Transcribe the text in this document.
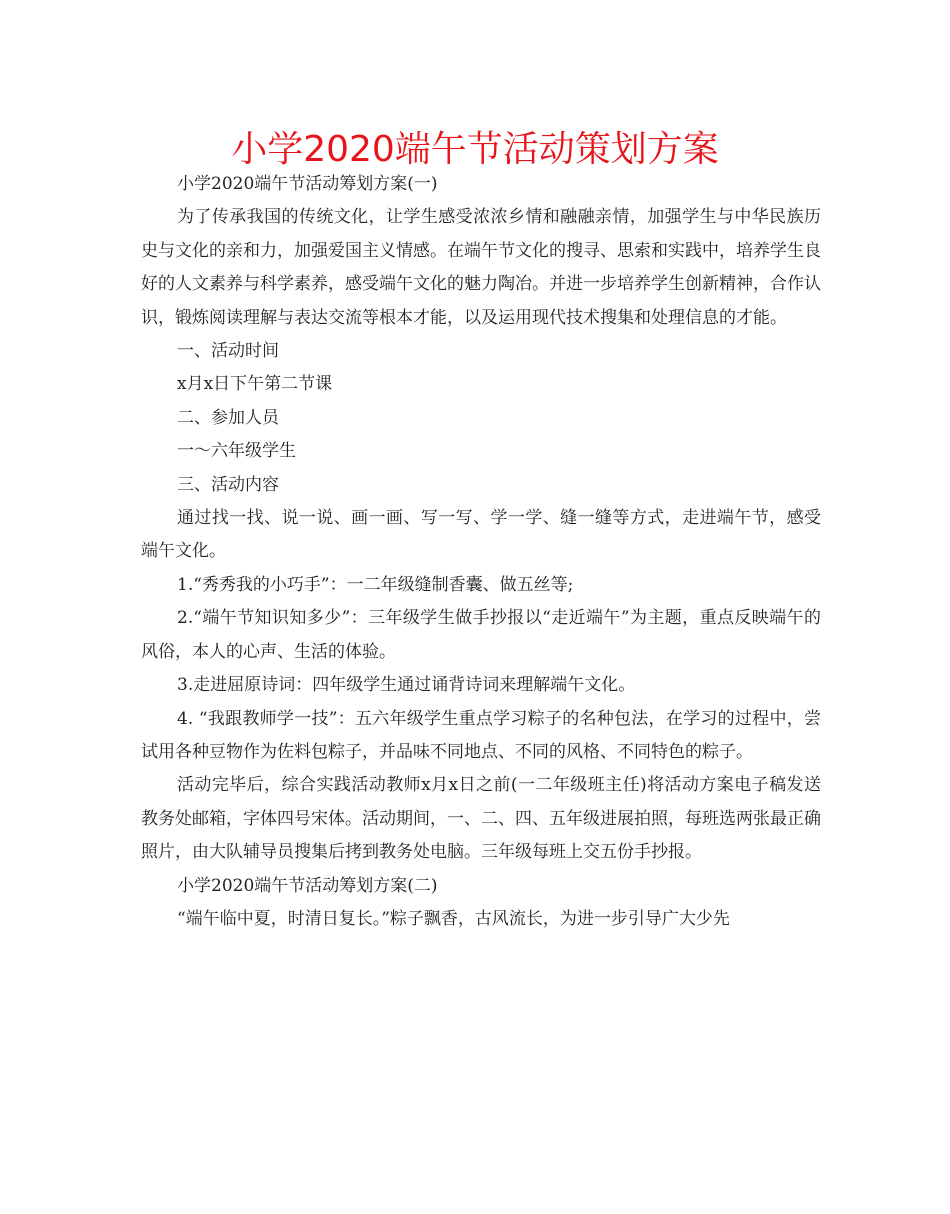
小学2020端午节活动策划方案

小学2020端午节活动筹划方案(一)

为了传承我国的传统文化，让学生感受浓浓乡情和融融亲情，加强学生与中华民族历史与文化的亲和力，加强爱国主义情感。在端午节文化的搜寻、思索和实践中，培养学生良好的人文素养与科学素养，感受端午文化的魅力陶冶。并进一步培养学生创新精神，合作认识，锻炼阅读理解与表达交流等根本才能，以及运用现代技术搜集和处理信息的才能。

一、活动时间

x月x日下午第二节课

二、参加人员

一～六年级学生

三、活动内容

通过找一找、说一说、画一画、写一写、学一学、缝一缝等方式，走进端午节，感受端午文化。

1.“秀秀我的小巧手”：一二年级缝制香囊、做五丝等;

2.“端午节知识知多少”：三年级学生做手抄报以“走近端午”为主题，重点反映端午的风俗，本人的心声、生活的体验。

3.走进屈原诗词：四年级学生通过诵背诗词来理解端午文化。

4. “我跟教师学一技”：五六年级学生重点学习粽子的名种包法，在学习的过程中，尝试用各种豆物作为佐料包粽子，并品味不同地点、不同的风格、不同特色的粽子。

活动完毕后，综合实践活动教师x月x日之前(一二年级班主任)将活动方案电子稿发送教务处邮箱，字体四号宋体。活动期间，一、二、四、五年级进展拍照，每班选两张最正确照片，由大队辅导员搜集后拷到教务处电脑。三年级每班上交五份手抄报。

小学2020端午节活动筹划方案(二)

“端午临中夏，时清日复长。”粽子飘香，古风流长，为进一步引导广大少先
